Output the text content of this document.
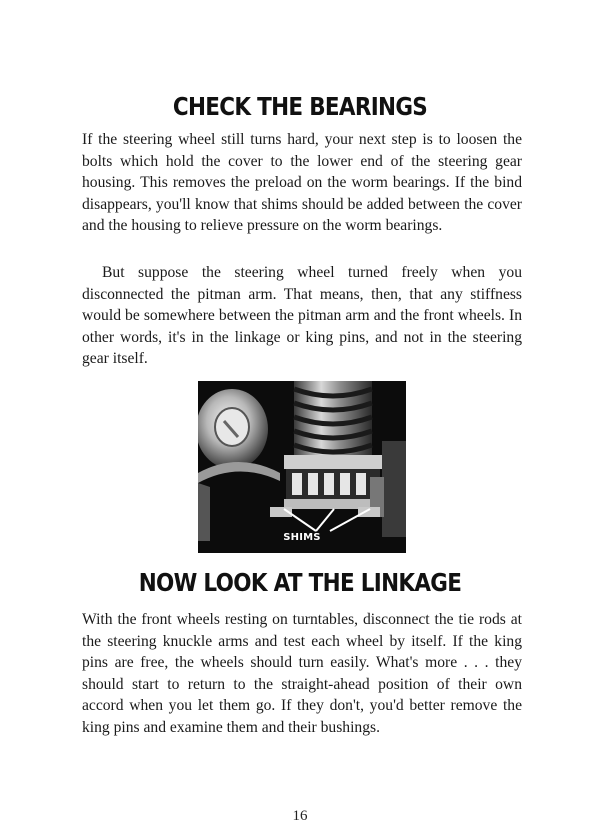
CHECK THE BEARINGS

If the steering wheel still turns hard, your next step is to loosen the bolts which hold the cover to the lower end of the steering gear housing. This removes the preload on the worm bearings. If the bind disappears, you'll know that shims should be added between the cover and the housing to relieve pressure on the worm bearings.

But suppose the steering wheel turned freely when you disconnected the pitman arm. That means, then, that any stiffness would be somewhere between the pitman arm and the front wheels. In other words, it's in the linkage or king pins, and not in the steering gear itself.

SHIMS
NOW LOOK AT THE LINKAGE

With the front wheels resting on turntables, disconnect the tie rods at the steering knuckle arms and test each wheel by itself. If the king pins are free, the wheels should turn easily. What's more . . . they should start to return to the straight-ahead position of their own accord when you let them go. If they don't, you'd better remove the king pins and examine them and their bushings.

16
